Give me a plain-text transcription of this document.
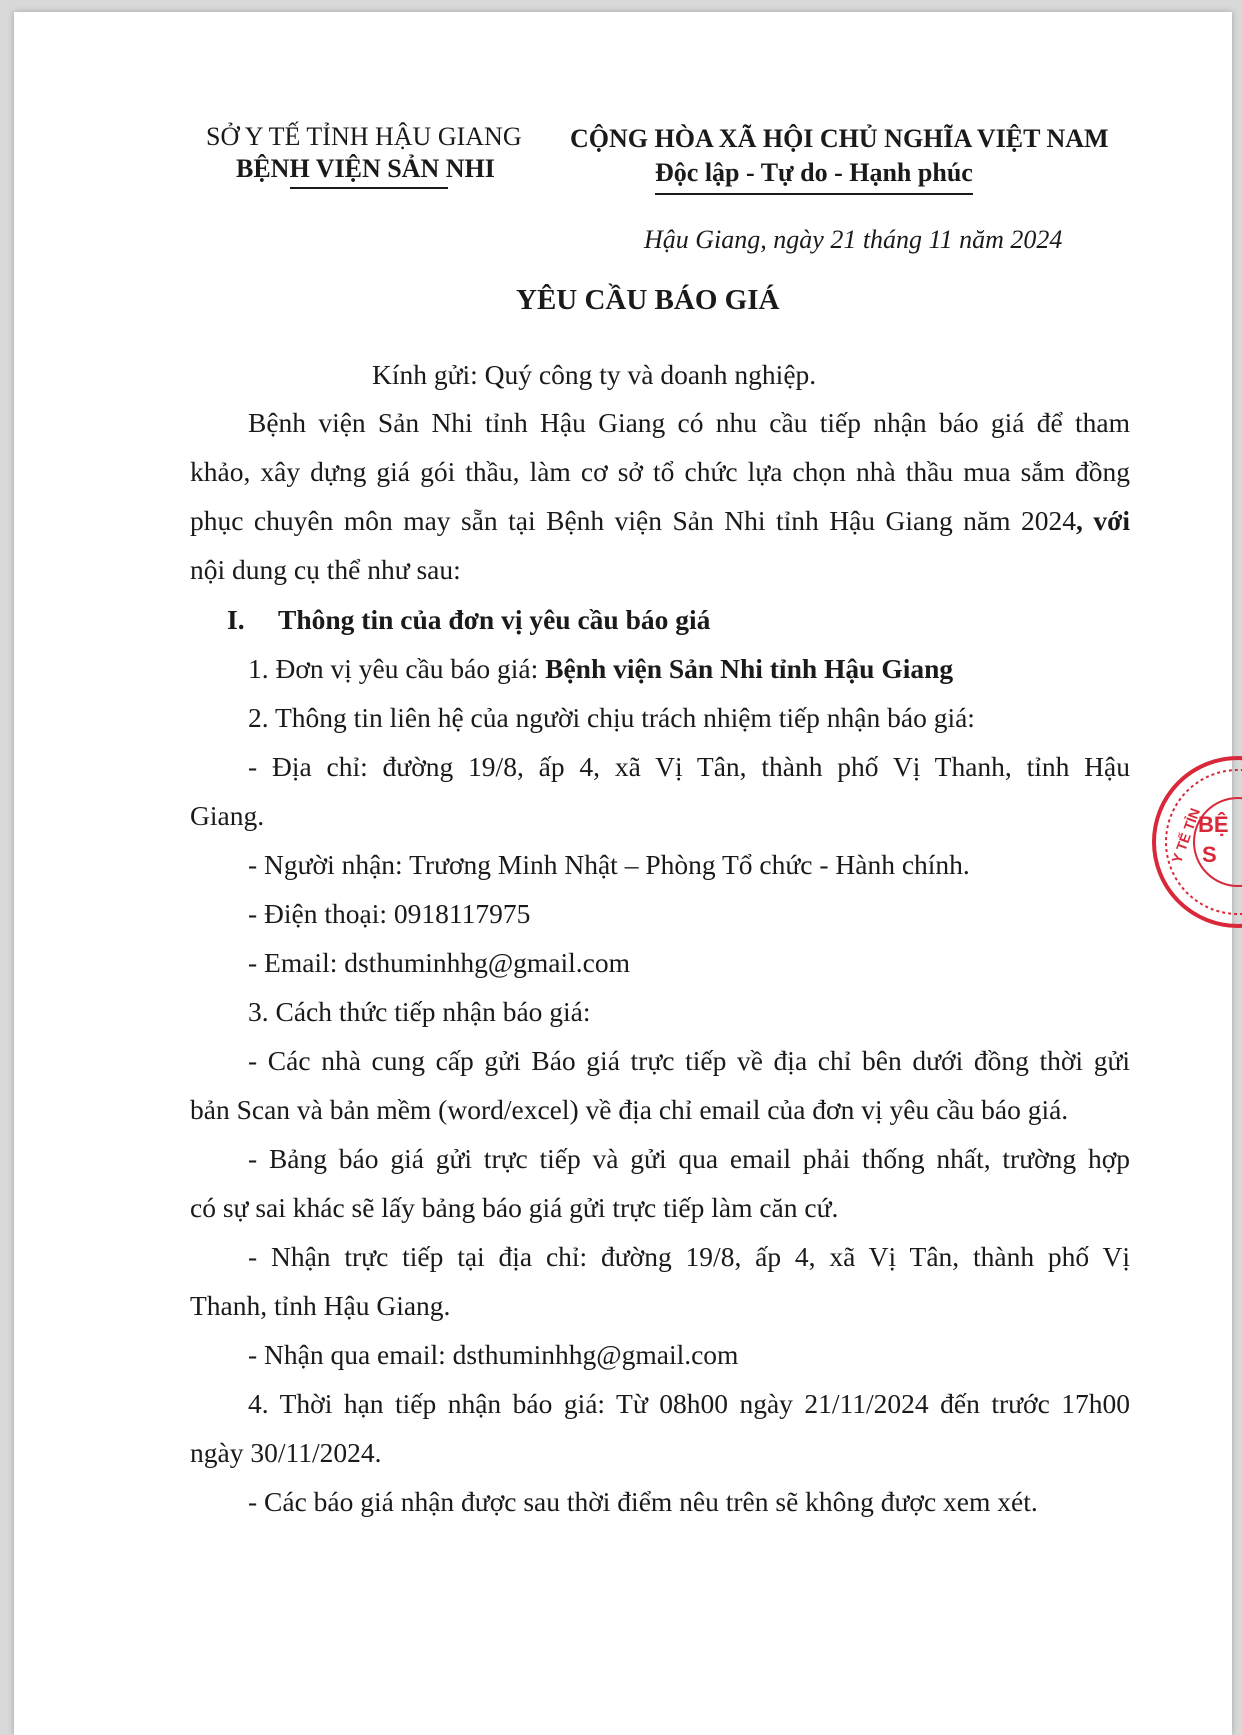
SỞ Y TẾ TỈNH HẬU GIANG
BỆNH VIỆN SẢN NHI
CỘNG HÒA XÃ HỘI CHỦ NGHĨA VIỆT NAM
Độc lập - Tự do - Hạnh phúc
Hậu Giang, ngày 21 tháng 11 năm 2024
YÊU CẦU BÁO GIÁ
Kính gửi: Quý công ty và doanh nghiệp.
Bệnh viện Sản Nhi tỉnh Hậu Giang có nhu cầu tiếp nhận báo giá để tham
khảo, xây dựng giá gói thầu, làm cơ sở tổ chức lựa chọn nhà thầu mua sắm đồng
phục chuyên môn may sẵn tại Bệnh viện Sản Nhi tỉnh Hậu Giang năm 2024, với
nội dung cụ thể như sau:
I. Thông tin của đơn vị yêu cầu báo giá
1. Đơn vị yêu cầu báo giá: Bệnh viện Sản Nhi tỉnh Hậu Giang
2. Thông tin liên hệ của người chịu trách nhiệm tiếp nhận báo giá:
- Địa chỉ: đường 19/8, ấp 4, xã Vị Tân, thành phố Vị Thanh, tỉnh Hậu
Giang.
- Người nhận: Trương Minh Nhật – Phòng Tổ chức - Hành chính.
- Điện thoại: 0918117975
- Email: dsthuminhhg@gmail.com
3. Cách thức tiếp nhận báo giá:
- Các nhà cung cấp gửi Báo giá trực tiếp về địa chỉ bên dưới đồng thời gửi
bản Scan và bản mềm (word/excel) về địa chỉ email của đơn vị yêu cầu báo giá.
- Bảng báo giá gửi trực tiếp và gửi qua email phải thống nhất, trường hợp
có sự sai khác sẽ lấy bảng báo giá gửi trực tiếp làm căn cứ.
- Nhận trực tiếp tại địa chỉ: đường 19/8, ấp 4, xã Vị Tân, thành phố Vị
Thanh, tỉnh Hậu Giang.
- Nhận qua email: dsthuminhhg@gmail.com
4. Thời hạn tiếp nhận báo giá: Từ 08h00 ngày 21/11/2024 đến trước 17h00
ngày 30/11/2024.
- Các báo giá nhận được sau thời điểm nêu trên sẽ không được xem xét.
Y TẾ TỈN
BỆ
S
